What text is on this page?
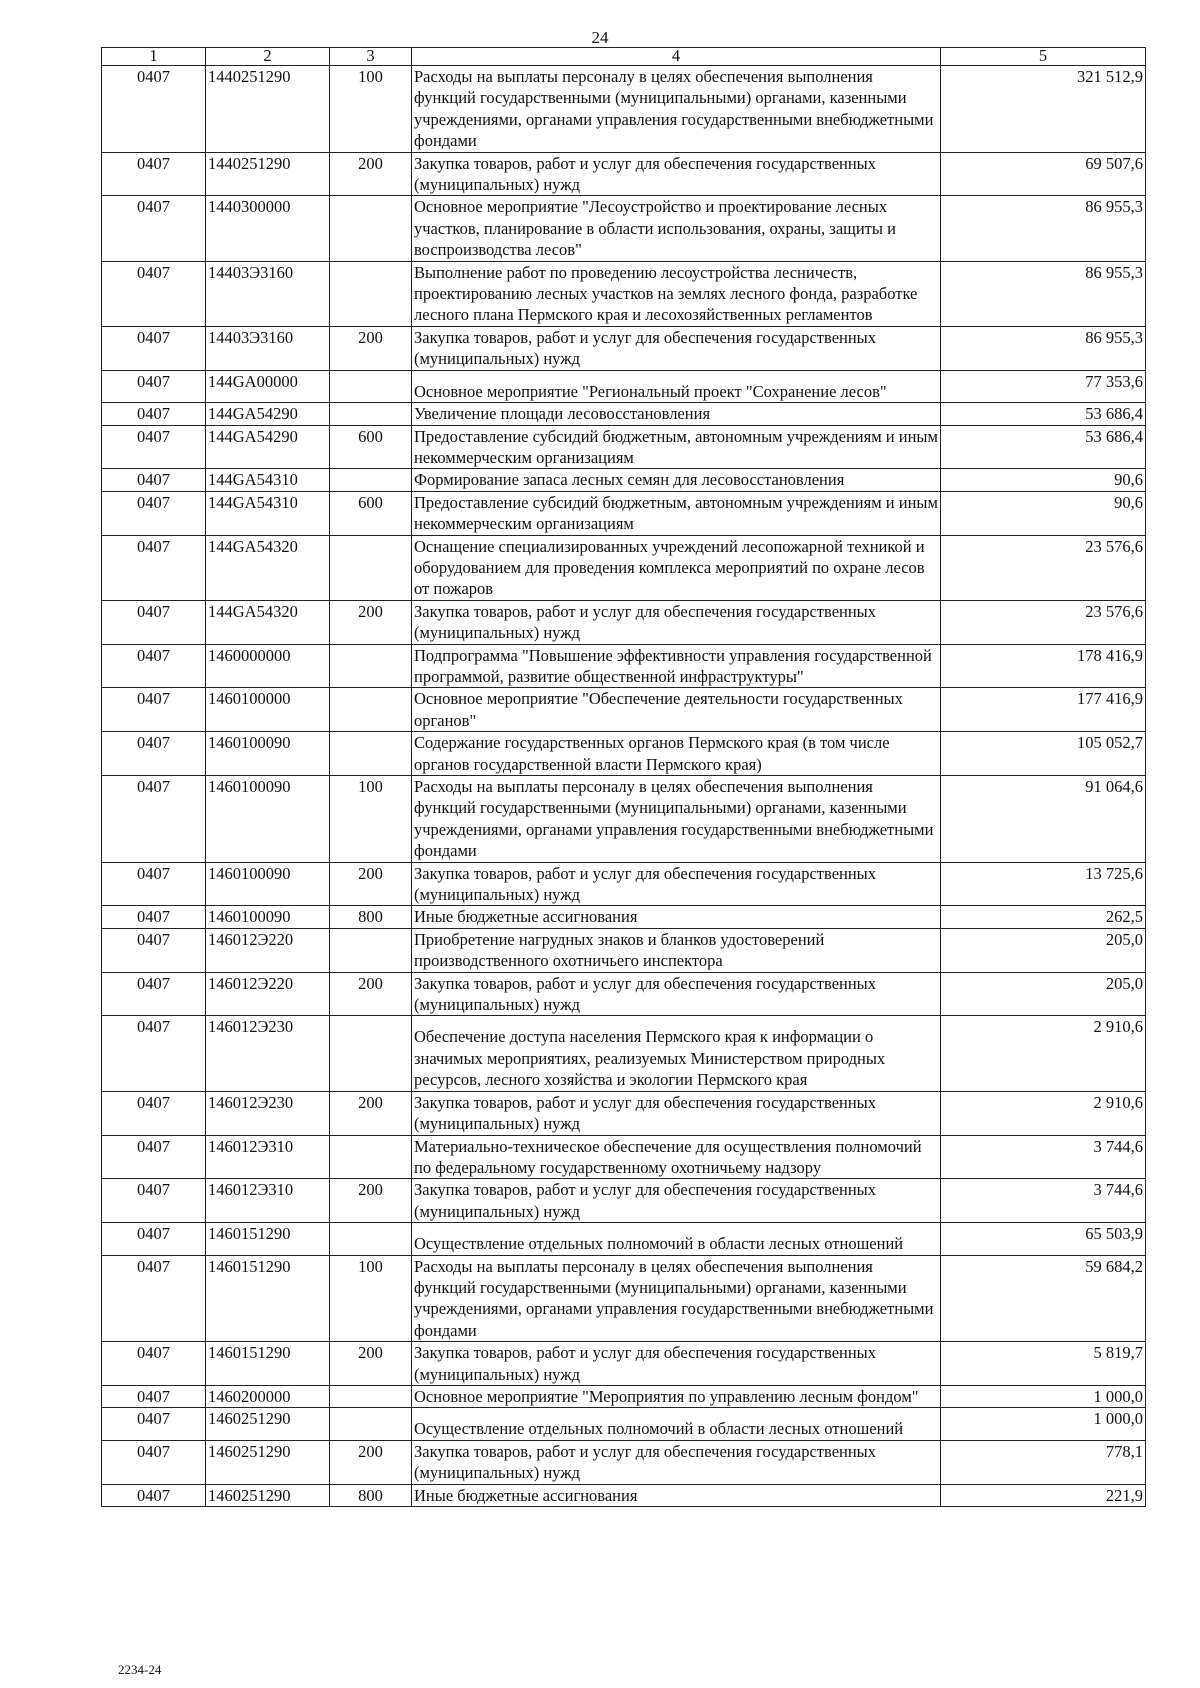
24
1	2	3	4	5
0407	1440251290	100	Расходы на выплаты персоналу в целях обеспечения выполнения функций государственными (муниципальными) органами, казенными учреждениями, органами управления государственными внебюджетными фондами	321 512,9
0407	1440251290	200	Закупка товаров, работ и услуг для обеспечения государственных (муниципальных) нужд	69 507,6
0407	1440300000		Основное мероприятие "Лесоустройство и проектирование лесных участков, планирование в области использования, охраны, защиты и воспроизводства лесов"	86 955,3
0407	14403Э3160		Выполнение работ по проведению лесоустройства лесничеств, проектированию лесных участков на землях лесного фонда, разработке лесного плана Пермского края и лесохозяйственных регламентов	86 955,3
0407	14403Э3160	200	Закупка товаров, работ и услуг для обеспечения государственных (муниципальных) нужд	86 955,3
0407	144GA00000		Основное мероприятие "Региональный проект "Сохранение лесов"	77 353,6
0407	144GA54290		Увеличение площади лесовосстановления	53 686,4
0407	144GA54290	600	Предоставление субсидий бюджетным, автономным учреждениям и иным некоммерческим организациям	53 686,4
0407	144GA54310		Формирование запаса лесных семян для лесовосстановления	90,6
0407	144GA54310	600	Предоставление субсидий бюджетным, автономным учреждениям и иным некоммерческим организациям	90,6
0407	144GA54320		Оснащение специализированных учреждений лесопожарной техникой и оборудованием для проведения комплекса мероприятий по охране лесов от пожаров	23 576,6
0407	144GA54320	200	Закупка товаров, работ и услуг для обеспечения государственных (муниципальных) нужд	23 576,6
0407	1460000000		Подпрограмма "Повышение эффективности управления государственной программой, развитие общественной инфраструктуры"	178 416,9
0407	1460100000		Основное мероприятие "Обеспечение деятельности государственных органов"	177 416,9
0407	1460100090		Содержание государственных органов Пермского края (в том числе органов государственной власти Пермского края)	105 052,7
0407	1460100090	100	Расходы на выплаты персоналу в целях обеспечения выполнения функций государственными (муниципальными) органами, казенными учреждениями, органами управления государственными внебюджетными фондами	91 064,6
0407	1460100090	200	Закупка товаров, работ и услуг для обеспечения государственных (муниципальных) нужд	13 725,6
0407	1460100090	800	Иные бюджетные ассигнования	262,5
0407	146012Э220		Приобретение нагрудных знаков и бланков удостоверений производственного охотничьего инспектора	205,0
0407	146012Э220	200	Закупка товаров, работ и услуг для обеспечения государственных (муниципальных) нужд	205,0
0407	146012Э230		Обеспечение доступа населения Пермского края к информации о значимых мероприятиях, реализуемых Министерством природных ресурсов, лесного хозяйства и экологии Пермского края	2 910,6
0407	146012Э230	200	Закупка товаров, работ и услуг для обеспечения государственных (муниципальных) нужд	2 910,6
0407	146012Э310		Материально-техническое обеспечение для осуществления полномочий по федеральному государственному охотничьему надзору	3 744,6
0407	146012Э310	200	Закупка товаров, работ и услуг для обеспечения государственных (муниципальных) нужд	3 744,6
0407	1460151290		Осуществление отдельных полномочий в области лесных отношений	65 503,9
0407	1460151290	100	Расходы на выплаты персоналу в целях обеспечения выполнения функций государственными (муниципальными) органами, казенными учреждениями, органами управления государственными внебюджетными фондами	59 684,2
0407	1460151290	200	Закупка товаров, работ и услуг для обеспечения государственных (муниципальных) нужд	5 819,7
0407	1460200000		Основное мероприятие "Мероприятия по управлению лесным фондом"	1 000,0
0407	1460251290		Осуществление отдельных полномочий в области лесных отношений	1 000,0
0407	1460251290	200	Закупка товаров, работ и услуг для обеспечения государственных (муниципальных) нужд	778,1
0407	1460251290	800	Иные бюджетные ассигнования	221,9
2234-24
